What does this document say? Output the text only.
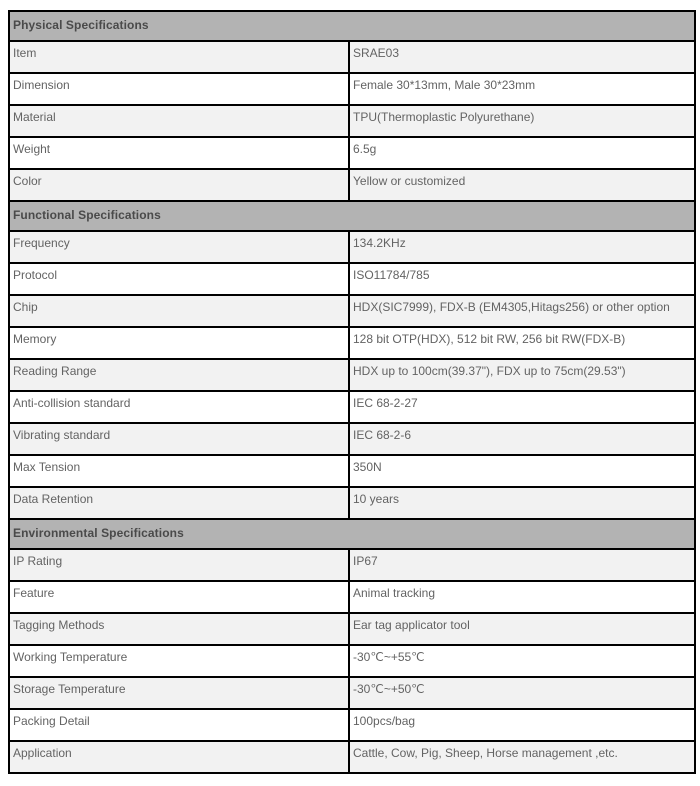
Physical Specifications	
Item	SRAE03
Dimension	Female 30*13mm, Male 30*23mm
Material	TPU(Thermoplastic Polyurethane)
Weight	6.5g
Color	Yellow or customized
Functional Specifications	
Frequency	134.2KHz
Protocol	ISO11784/785
Chip	HDX(SIC7999), FDX-B (EM4305,Hitags256) or other option
Memory	128 bit OTP(HDX), 512 bit RW, 256 bit RW(FDX-B)
Reading Range	HDX up to 100cm(39.37"), FDX up to 75cm(29.53")
Anti-collision standard	IEC 68-2-27
Vibrating standard	IEC 68-2-6
Max Tension	350N
Data Retention	10 years
Environmental Specifications	
IP Rating	IP67
Feature	Animal tracking
Tagging Methods	Ear tag applicator tool
Working Temperature	-30℃~+55℃
Storage Temperature	-30℃~+50℃
Packing Detail	100pcs/bag
Application	Cattle, Cow, Pig, Sheep, Horse management ,etc.
